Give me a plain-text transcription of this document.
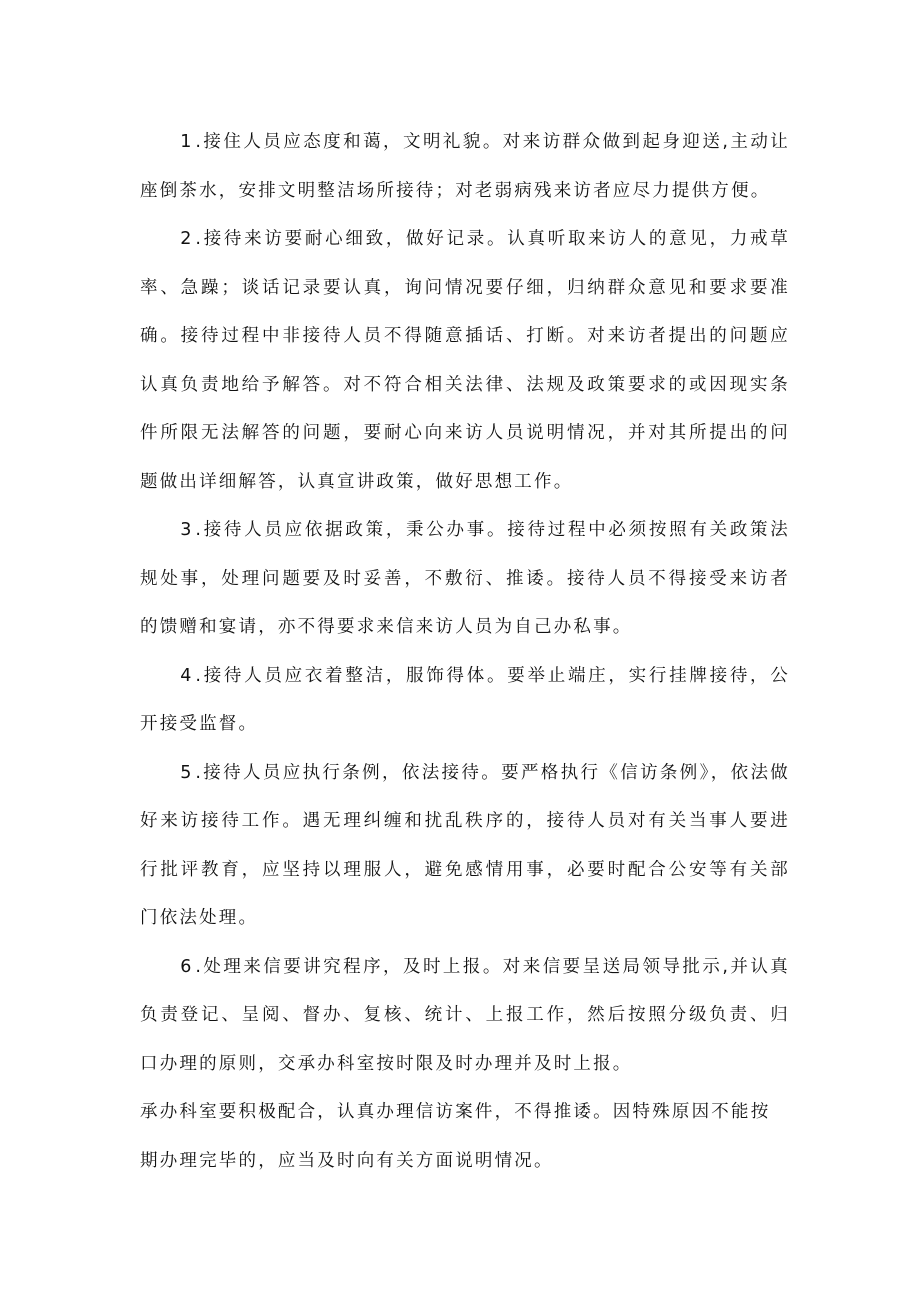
1 .接住人员应态度和蔼，文明礼貌。对来访群众做到起身迎送,主动让座倒茶水，安排文明整洁场所接待；对老弱病残来访者应尽力提供方便。

2 .接待来访要耐心细致，做好记录。认真听取来访人的意见，力戒草率、急躁；谈话记录要认真，询问情况要仔细，归纳群众意见和要求要准确。接待过程中非接待人员不得随意插话、打断。对来访者提出的问题应认真负责地给予解答。对不符合相关法律、法规及政策要求的或因现实条件所限无法解答的问题，要耐心向来访人员说明情况，并对其所提出的问题做出详细解答，认真宣讲政策，做好思想工作。

3 .接待人员应依据政策，秉公办事。接待过程中必须按照有关政策法规处事，处理问题要及时妥善，不敷衍、推诿。接待人员不得接受来访者的馈赠和宴请，亦不得要求来信来访人员为自己办私事。

4 .接待人员应衣着整洁，服饰得体。要举止端庄，实行挂牌接待，公开接受监督。

5 .接待人员应执行条例，依法接待。要严格执行《信访条例》，依法做好来访接待工作。遇无理纠缠和扰乱秩序的，接待人员对有关当事人要进行批评教育，应坚持以理服人，避免感情用事，必要时配合公安等有关部门依法处理。

6 .处理来信要讲究程序，及时上报。对来信要呈送局领导批示,并认真负责登记、呈阅、督办、复核、统计、上报工作，然后按照分级负责、归口办理的原则，交承办科室按时限及时办理并及时上报。

承办科室要积极配合，认真办理信访案件，不得推诿。因特殊原因不能按

期办理完毕的，应当及时向有关方面说明情况。
